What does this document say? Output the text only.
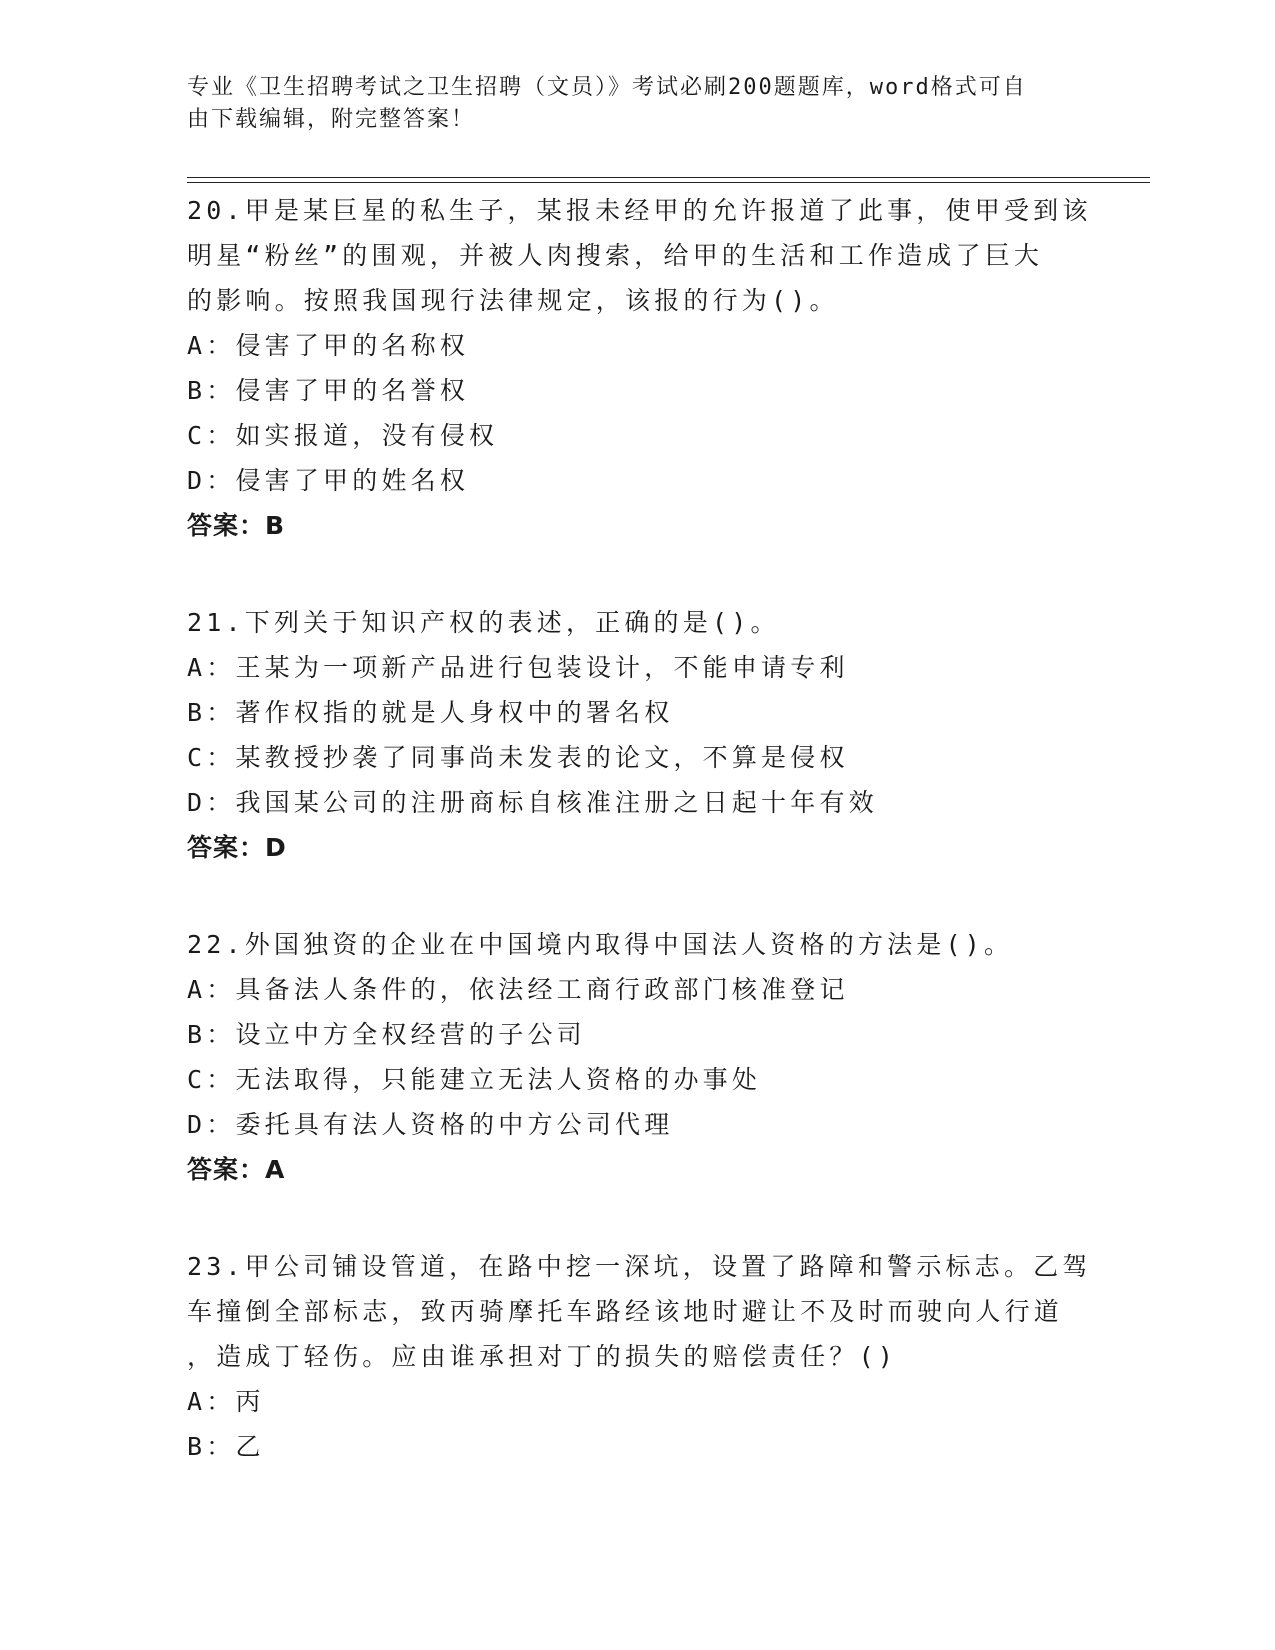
专业《卫生招聘考试之卫生招聘（文员）》考试必刷200题题库，word格式可自
由下载编辑，附完整答案！
20.甲是某巨星的私生子，某报未经甲的允许报道了此事，使甲受到该
明星“粉丝”的围观，并被人肉搜索，给甲的生活和工作造成了巨大
的影响。按照我国现行法律规定，该报的行为()。
A：侵害了甲的名称权
B：侵害了甲的名誉权
C：如实报道，没有侵权
D：侵害了甲的姓名权
答案：B
21.下列关于知识产权的表述，正确的是()。
A：王某为一项新产品进行包装设计，不能申请专利
B：著作权指的就是人身权中的署名权
C：某教授抄袭了同事尚未发表的论文，不算是侵权
D：我国某公司的注册商标自核准注册之日起十年有效
答案：D
22.外国独资的企业在中国境内取得中国法人资格的方法是()。
A：具备法人条件的，依法经工商行政部门核准登记
B：设立中方全权经营的子公司
C：无法取得，只能建立无法人资格的办事处
D：委托具有法人资格的中方公司代理
答案：A
23.甲公司铺设管道，在路中挖一深坑，设置了路障和警示标志。乙驾
车撞倒全部标志，致丙骑摩托车路经该地时避让不及时而驶向人行道
，造成丁轻伤。应由谁承担对丁的损失的赔偿责任？()
A：丙
B：乙
